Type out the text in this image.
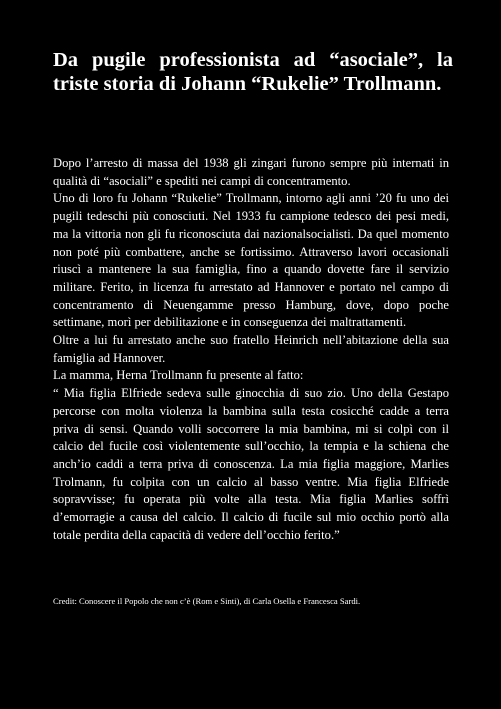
Da pugile professionista ad “asociale”, la triste storia di Johann “Rukelie” Trollmann.

Dopo l’arresto di massa del 1938 gli zingari furono sempre più internati in qualità di “asociali” e spediti nei campi di concentramento.

Uno di loro fu Johann “Rukelie” Trollmann, intorno agli anni ’20 fu uno dei pugili tedeschi più conosciuti. Nel 1933 fu campione tedesco dei pesi medi, ma la vittoria non gli fu riconosciuta dai nazionalsocialisti. Da quel momento non poté più combattere, anche se fortissimo. Attraverso lavori occasionali riuscì a mantenere la sua famiglia, fino a quando dovette fare il servizio militare. Ferito, in licenza fu arrestato ad Hannover e portato nel campo di concentramento di Neuengamme presso Hamburg, dove, dopo poche settimane, morì per debilitazione e in conseguenza dei maltrattamenti.

Oltre a lui fu arrestato anche suo fratello Heinrich nell’abitazione della sua famiglia ad Hannover.

La mamma, Herna Trollmann fu presente al fatto:

“ Mia figlia Elfriede sedeva sulle ginocchia di suo zio. Uno della Gestapo percorse con molta violenza la bambina sulla testa cosicché cadde a terra priva di sensi. Quando volli soccorrere la mia bambina, mi si colpì con il calcio del fucile così violentemente sull’occhio, la tempia e la schiena che anch’io caddi a terra priva di conoscenza. La mia figlia maggiore, Marlies Trolmann, fu colpita con un calcio al basso ventre. Mia figlia Elfriede sopravvisse; fu operata più volte alla testa. Mia figlia Marlies soffrì d’emorragie a causa del calcio. Il calcio di fucile sul mio occhio portò alla totale perdita della capacità di vedere dell’occhio ferito.”

Credit: Conoscere il Popolo che non c’è (Rom e Sinti), di Carla Osella e Francesca Sardi.
